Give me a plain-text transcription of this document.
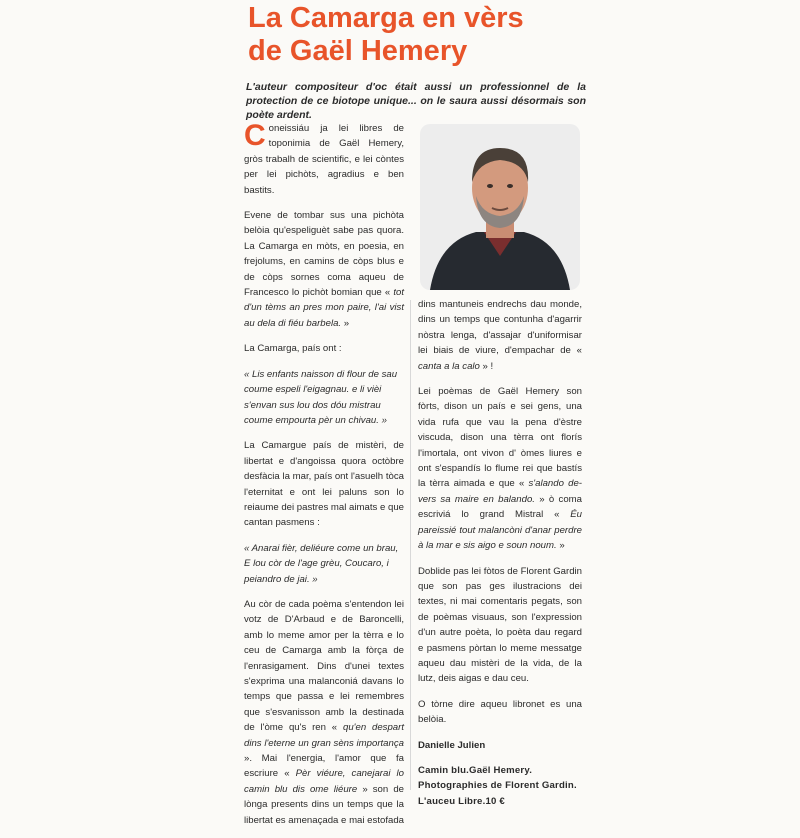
La Camarga en vèrs
de Gaël Hemery

L'auteur compositeur d'oc était aussi un professionnel de la protection de ce biotope unique... on le saura aussi désormais son poète ardent.

Coneissiáu ja lei libres de toponimia de Gaël Hemery, gròs trabalh de scientific, e lei còntes per lei pichòts, agradius e ben bastits.

Evene de tombar sus una pichòta belòia qu'espeliguèt sabe pas quora. La Camarga en mòts, en poesia, en frejolums, en camins de còps blus e de còps sornes coma aqueu de Francesco lo pichòt bomian que « tot d'un tèms an pres mon paire, l'ai vist au dela di fiéu barbela. »

La Camarga, país ont :

« Lis enfants naisson di flour de sau coume espeli l'eigagnau. e li vièi s'envan sus lou dos dóu mistrau coume empourta pèr un chivau. »

La Camargue país de mistèri, de libertat e d'angoissa quora octòbre desfàcia la mar, país ont l'asuelh tòca l'eternitat e ont lei paluns son lo reiaume dei pastres mal aimats e que cantan pasmens :

« Anarai fièr, deliéure come un brau, E lou còr de l'age grèu, Coucaro, i peiandro de jai. »

Au còr de cada poèma s'entendon lei votz de D'Arbaud e de Baroncelli, amb lo meme amor per la tèrra e lo ceu de Camarga amb la fòrça de l'enrasigament. Dins d'unei textes s'exprima una malanconiá davans lo temps que passa e lei remembres que s'esvanisson amb la destinada de l'òme qu's ren « qu'en despart dins l'eterne un gran sèns importança ». Mai l'energia, l'amor que fa escriure « Pèr viéure, canejarai lo camin blu dis ome liéure » son de lònga presents dins un temps que la libertat es amenaçada e mai estofada

dins mantuneis endrechs dau monde, dins un temps que contunha d'agarrir nòstra lenga, d'assajar d'uniformisar lei biais de viure, d'empachar de « canta a la calo » !

Lei poèmas de Gaël Hemery son fòrts, dison un país e sei gens, una vida rufa que vau la pena d'èstre viscuda, dison una tèrra ont florís l'imortala, ont vivon d' òmes liures e ont s'espandís lo flume rei que bastís la tèrra aimada e que « s'alando de-vers sa maire en balando. » ò coma escriviá lo grand Mistral « Éu pareissié tout malancòni d'anar perdre à la mar e sis aigo e soun noum. »

Doblide pas lei fòtos de Florent Gardin que son pas ges ilustracions dei textes, ni mai comentaris pegats, son de poèmas visuaus, son l'expression d'un autre poèta, lo poèta dau regard e pasmens pòrtan lo meme messatge aqueu dau mistèri de la vida, de la lutz, deis aigas e dau ceu.

O tòrne dire aqueu libronet es una belòia.

Danielle Julien

Camin blu.Gaël Hemery.
Photographies de Florent Gardin.
L'auceu Libre.10 €
